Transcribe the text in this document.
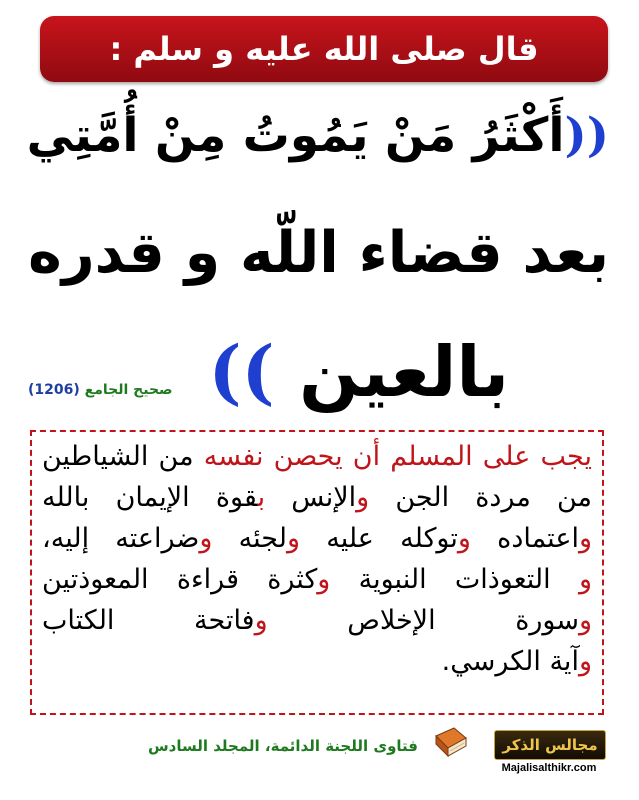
قال صلى الله عليه و سلم :
((أَكْثَرُ مَنْ يَمُوتُ مِنْ أُمَّتِي
بعد قضاء اللّه و قدره
بالعين ))
صحيح الجامع (1206)
يجب على المسلم أن يحصن نفسه من الشياطين
من مردة الجن والإنس بقوة الإيمان بالله
واعتماده وتوكله عليه ولجئه وضراعته إليه،
و التعوذات النبوية وكثرة قراءة المعوذتين
وسورة الإخلاص وفاتحة الكتاب
وآية الكرسي.
فتاوى اللجنة الدائمة، المجلد السادس	مجالس الذكر
Majalisalthikr.com
